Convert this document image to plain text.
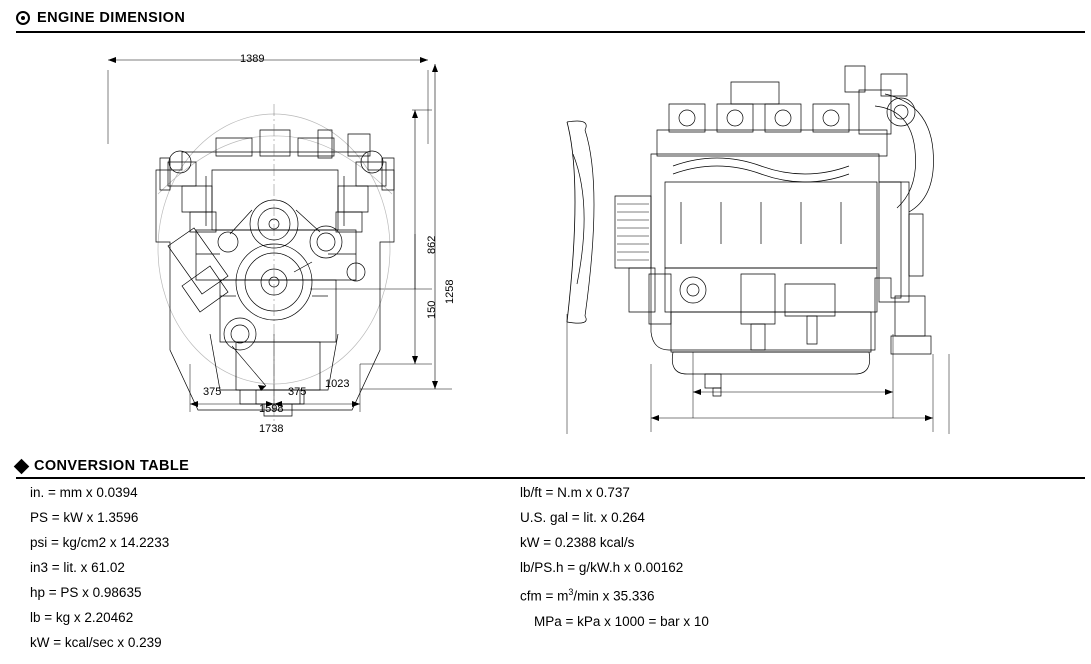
ENGINE DIMENSION
1389
862
1258
150
375	375
1023
1598
1738
CONVERSION TABLE
in. = mm x 0.0394
PS = kW x 1.3596
psi = kg/cm2 x 14.2233
in3 = lit. x 61.02
hp = PS x 0.98635
lb = kg x 2.20462
kW = kcal/sec x 0.239
lb/ft = N.m x 0.737
U.S. gal = lit. x 0.264
kW = 0.2388 kcal/s
lb/PS.h = g/kW.h x 0.00162
cfm = $m^3/\min$ x 35.336
MPa = kPa x 1000 = bar x 10
